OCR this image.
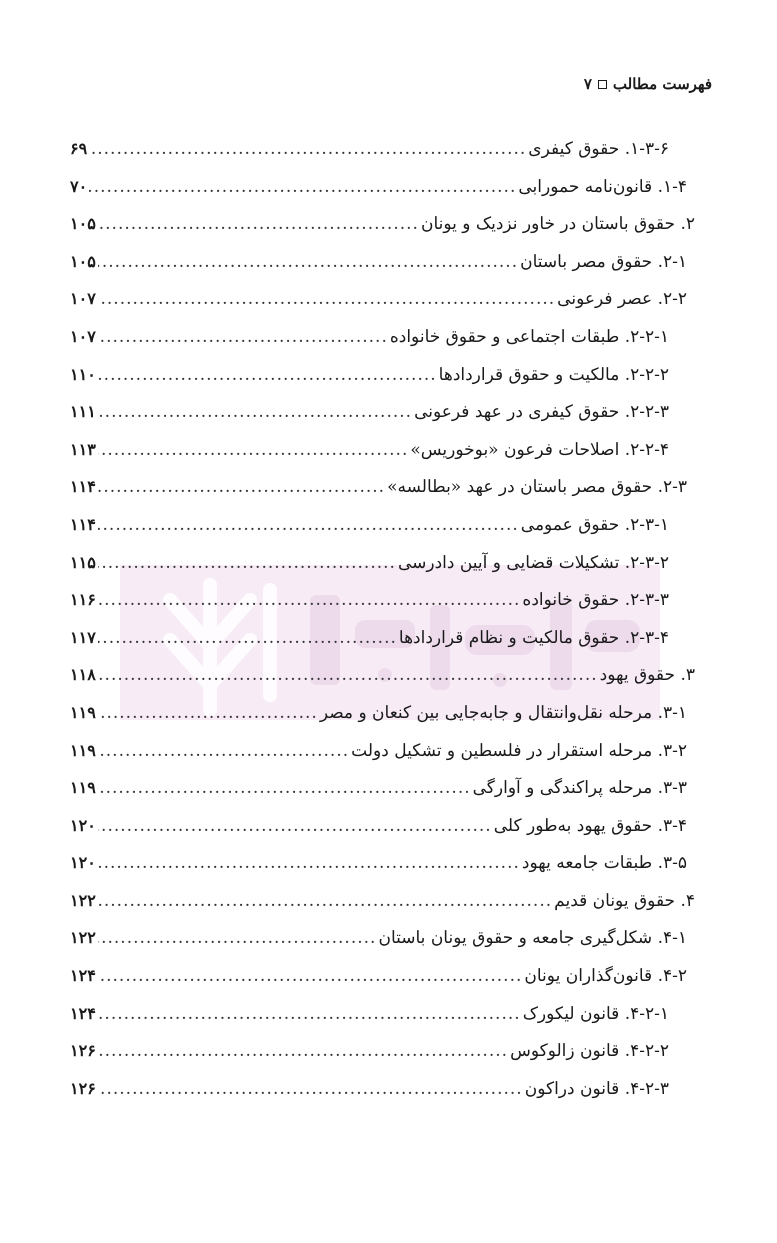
فهرست مطالب
۷
۱-۳-۶. حقوق کیفری
.....
۶۹
۱-۴. قانون‌نامه حمورابی
.....
۷۰
۲. حقوق باستان در خاور نزدیک و یونان
.....
۱۰۵
۲-۱. حقوق مصر باستان
.....
۱۰۵
۲-۲. عصر فرعونی
.....
۱۰۷
۲-۲-۱. طبقات اجتماعی و حقوق خانواده
.....
۱۰۷
۲-۲-۲. مالکیت و حقوق قراردادها
.....
۱۱۰
۲-۲-۳. حقوق کیفری در عهد فرعونی
.....
۱۱۱
۲-۲-۴. اصلاحات فرعون «بوخوریس»
.....
۱۱۳
۲-۳. حقوق مصر باستان در عهد «بطالسه»
.....
۱۱۴
۲-۳-۱. حقوق عمومی
.....
۱۱۴
۲-۳-۲. تشکیلات قضایی و آیین دادرسی
.....
۱۱۵
۲-۳-۳. حقوق خانواده
.....
۱۱۶
۲-۳-۴. حقوق مالکیت و نظام قراردادها
.....
۱۱۷
۳. حقوق یهود
.....
۱۱۸
۳-۱. مرحله نقل‌وانتقال و جابه‌جایی بین کنعان و مصر
.....
۱۱۹
۳-۲. مرحله استقرار در فلسطین و تشکیل دولت
.....
۱۱۹
۳-۳. مرحله پراکندگی و آوارگی
.....
۱۱۹
۳-۴. حقوق یهود به‌طور کلی
.....
۱۲۰
۳-۵. طبقات جامعه یهود
.....
۱۲۰
۴. حقوق یونان قدیم
.....
۱۲۲
۴-۱. شکل‌گیری جامعه و حقوق یونان باستان
.....
۱۲۲
۴-۲. قانون‌گذاران یونان
.....
۱۲۴
۴-۲-۱. قانون لیکورک
.....
۱۲۴
۴-۲-۲. قانون زالوکوس
.....
۱۲۶
۴-۲-۳. قانون دراکون
.....
۱۲۶
